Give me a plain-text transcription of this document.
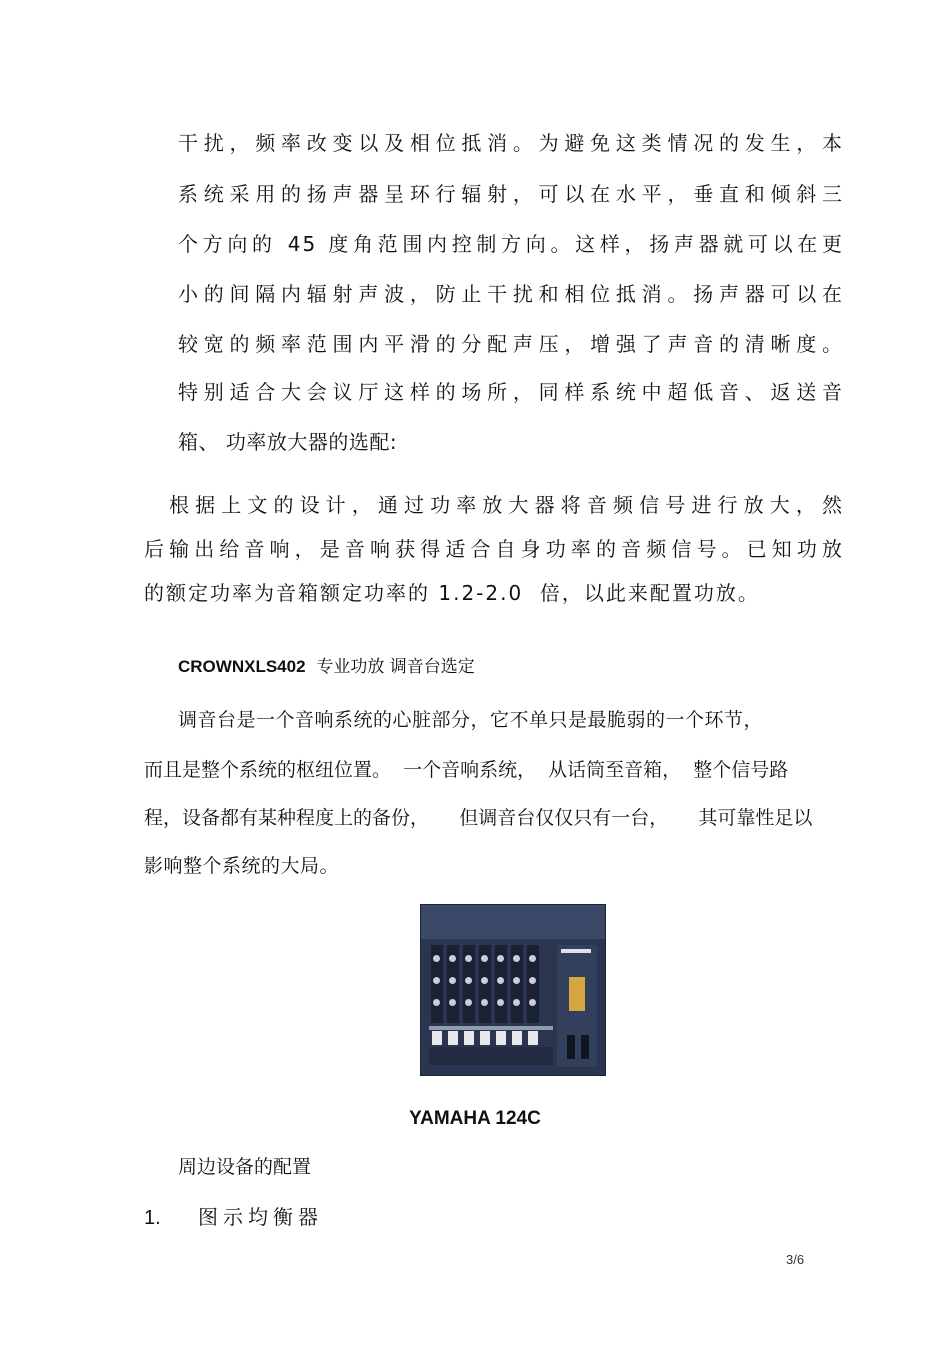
干扰，频率改变以及相位抵消。为避免这类情况的发生，本
系统采用的扬声器呈环行辐射，可以在水平，垂直和倾斜三
个方向的 45 度角范围内控制方向。这样，扬声器就可以在更
小的间隔内辐射声波，防止干扰和相位抵消。扬声器可以在
较宽的频率范围内平滑的分配声压，增强了声音的清晰度。
特别适合大会议厅这样的场所，同样系统中超低音、返送音
箱、 功率放大器的选配:
根据上文的设计，通过功率放大器将音频信号进行放大，然
后输出给音响，是音响获得适合自身功率的音频信号。已知功放
的额定功率为音箱额定功率的 1.2-2.0  倍，以此来配置功放。
CROWNXLS402  专业功放 调音台选定
调音台是一个音响系统的心脏部分，它不单只是最脆弱的一个环节，
而且是整个系统的枢纽位置。  一个音响系统，  从话筒至音箱，  整个信号路
程，设备都有某种程度上的备份，     但调音台仅仅只有一台，     其可靠性足以
影响整个系统的大局。
YAMAHA 124C
周边设备的配置
1. 图示均衡器
3/6
